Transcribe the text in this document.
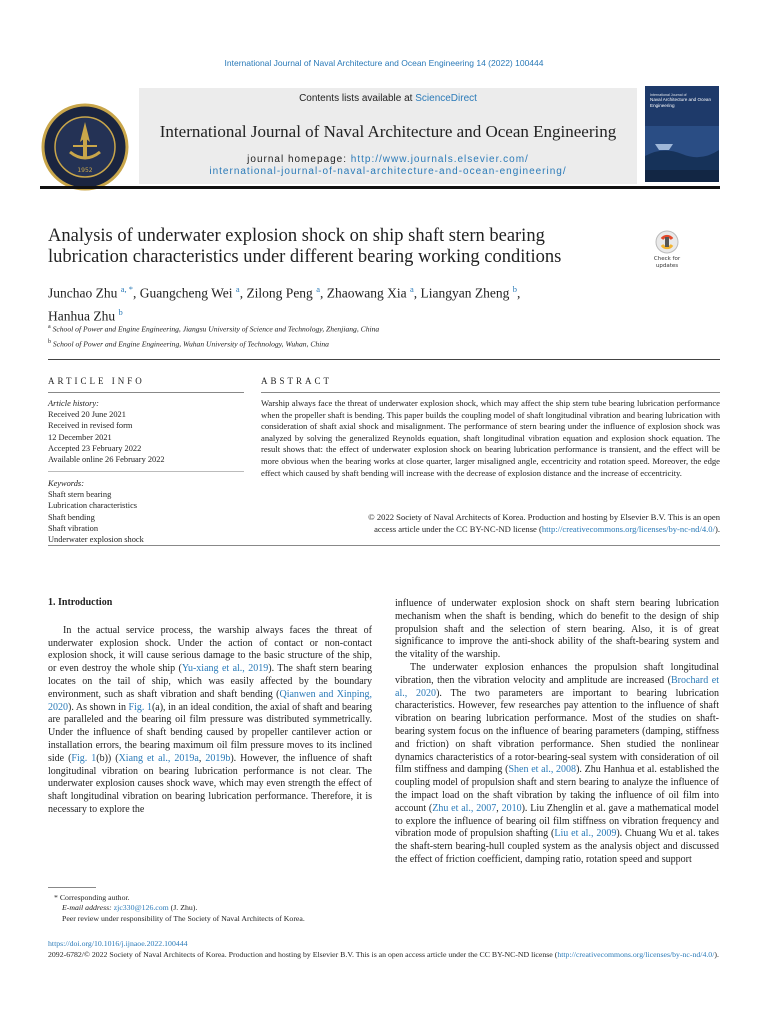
International Journal of Naval Architecture and Ocean Engineering 14 (2022) 100444
Contents lists available at ScienceDirect
International Journal of Naval Architecture and Ocean Engineering
journal homepage: http://www.journals.elsevier.com/
international-journal-of-naval-architecture-and-ocean-engineering/
1952
International Journal of
Naval Architecture and Ocean Engineering
Analysis of underwater explosion shock on ship shaft stern bearing
lubrication characteristics under different bearing working conditions	Check for
updates
Junchao Zhu $^{a, *}$, Guangcheng Wei $^a$, Zilong Peng $^a$, Zhaowang Xia $^a$, Liangyan Zheng $^b$,
Hanhua Zhu $^b$
$^a$ School of Power and Engine Engineering, Jiangsu University of Science and Technology, Zhenjiang, China
$^b$ School of Power and Engine Engineering, Wuhan University of Technology, Wuhan, China
ARTICLE INFO	ABSTRACT
Article history:
Received 20 June 2021
Received in revised form
12 December 2021
Accepted 23 February 2022
Available online 26 February 2022
Keywords:
Shaft stern bearing
Lubrication characteristics
Shaft bending
Shaft vibration
Underwater explosion shock
Warship always face the threat of underwater explosion shock, which may affect the ship stern tube bearing lubrication performance when the propeller shaft is bending. This paper builds the coupling model of shaft longitudinal vibration and bearing lubrication with consideration of shaft axial shock and misalignment. The performance of stern bearing under the influence of explosion shock was analyzed by solving the generalized Reynolds equation, shaft longitudinal vibration equation and explosion shock equation. The result shows that: the effect of underwater explosion shock on bearing lubrication performance is transient, and the effect will be more obvious when the bearing works at close quarter, larger misaligned angle, eccentricity and rotation speed. Moreover, the edge effect which caused by shaft bending will increase with the decrease of explosion distance and the increase of eccentricity.
© 2022 Society of Naval Architects of Korea. Production and hosting by Elsevier B.V. This is an open
access article under the CC BY-NC-ND license (http://creativecommons.org/licenses/by-nc-nd/4.0/).
1. Introduction

In the actual service process, the warship always faces the threat of underwater explosion shock. Under the action of contact or non-contact explosion shock, it will cause serious damage to the basic structure of the ship, or even destroy the whole ship (Yu-xiang et al., 2019). The shaft stern bearing locates on the tail of ship, which was easily affected by the boundary environment, such as shaft vibration and shaft bending (Qianwen and Xinping, 2020). As shown in Fig. 1(a), in an ideal condition, the axial of shaft and bearing are paralleled and the bearing oil film pressure was distributed symmetrically. Under the influence of shaft bending caused by propeller cantilever action or installation errors, the bearing maximum oil film pressure moves to its inclined side (Fig. 1(b)) (Xiang et al., 2019a, 2019b). However, the influence of shaft longitudinal vibration on bearing lubrication performance is not clear. The underwater explosion causes shock wave, which may even strength the effect of shaft longitudinal vibration on bearing lubrication performance. Therefore, it is necessary to explore the

influence of underwater explosion shock on shaft stern bearing lubrication mechanism when the shaft is bending, which do benefit to the design of ship propulsion shaft and the selection of stern bearing. Also, it is of great significance to improve the anti-shock ability of the shaft-bearing system and the vitality of the warship.

The underwater explosion enhances the propulsion shaft longitudinal vibration, then the vibration velocity and amplitude are increased (Brochard et al., 2020). The two parameters are important to bearing lubrication characteristics. However, few researches pay attention to the influence of shaft vibration on bearing lubrication performance. Most of the studies on shaft-bearing system focus on the influence of bearing parameters (damping, stiffness and friction) on shaft vibration performance. Shen studied the nonlinear dynamics characteristics of a rotor-bearing-seal system with consideration of oil film stiffness and damping (Shen et al., 2008). Zhu Hanhua et al. established the coupling model of propulsion shaft and stern bearing to analyze the influence of the impact load on the shaft vibration by taking the influence of oil film into account (Zhu et al., 2007, 2010). Liu Zhenglin et al. gave a mathematical model to explore the influence of bearing oil film stiffness on vibration frequency and vibration mode of propulsion shafting (Liu et al., 2009). Chuang Wu et al. takes the shaft-stern bearing-hull coupled system as the analysis object and discussed the effect of friction coefficient, damping ratio, rotation speed and support

* Corresponding author.
E-mail address: zjc330@126.com (J. Zhu).
Peer review under responsibility of The Society of Naval Architects of Korea.
https://doi.org/10.1016/j.ijnaoe.2022.100444
2092-6782/© 2022 Society of Naval Architects of Korea. Production and hosting by Elsevier B.V. This is an open access article under the CC BY-NC-ND license (http://creativecommons.org/licenses/by-nc-nd/4.0/).
